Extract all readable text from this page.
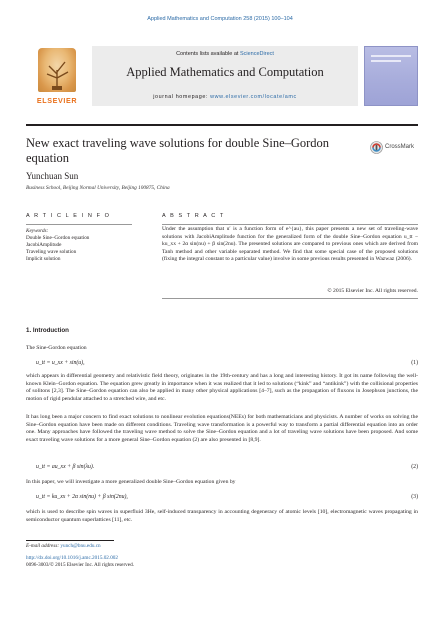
Applied Mathematics and Computation 258 (2015) 100–104
ELSEVIER
Contents lists available at ScienceDirect
Applied Mathematics and Computation
journal homepage: www.elsevier.com/locate/amc
New exact traveling wave solutions for double Sine–Gordon equation
CrossMark
Yunchuan Sun
Business School, Beijing Normal University, Beijing 100875, China
A R T I C L E I N F O	A B S T R A C T
Keywords:
Double Sine–Gordon equation
JacobiAmplitude
Traveling wave solution
Implicit solution
Under the assumption that u′ is a function form of e^{au}, this paper presents a new set of traveling-wave solutions with JacobiAmplitude function for the generalized form of the double Sine–Gordon equation u_tt − ku_xx + 2α sin(nu) + β sin(2nu). The presented solutions are compared to previous ones which are derived from Tanh method and other variable separated method. We find that some special case of the proposed solutions (fixing the integral constant to a particular value) involve in some previous results presented in Wazwaz (2006).
© 2015 Elsevier Inc. All rights reserved.
1. Introduction
The Sine-Gordon equation
u_tt = u_xx + sin(u),	(1)
which appears in differential geometry and relativistic field theory, originates in the 19th-century and has a long and interesting history. It got its name following the well-known Klein–Gordon equation. The equation grew greatly in importance when it was realized that it led to solutions (“kink” and “antikink”) with the collisional properties of solitons [2,3]. The Sine–Gordon equation can also be applied in many other physical applications [4–7], such as the propagation of fluxons in Josephson junctions, the motion of rigid pendular attached to a stretched wire, and etc.
It has long been a major concern to find exact solutions to nonlinear evolution equations(NEEs) for both mathematicians and physicists. A number of works on solving the Sine–Gordon equation have been made on different conditions. Traveling wave transformation is a powerful way to transform a partial differential equation into an order one. Many approaches have followed the traveling wave method to solve the Sine–Gordon equation and a lot of traveling wave solutions have been proposed. And some exact traveling wave solutions for a more general Sine–Gordon equation (2) are also presented in [8,9].
u_tt = au_xx + β sin(λu).	(2)
In this paper, we will investigate a more generalized double Sine–Gordon equation given by
u_tt = ku_xx + 2α sin(nu) + β sin(2nu),	(3)
which is used to describe spin waves in superfluid 3He, self-induced transparency in accounting degeneracy of atomic levels [10], electromagnetic waves propagating in semiconductor quantum superlattices [11], etc.
E-mail address: yunch@bnu.edu.cn
http://dx.doi.org/10.1016/j.amc.2015.02.002
0096-3003/© 2015 Elsevier Inc. All rights reserved.
